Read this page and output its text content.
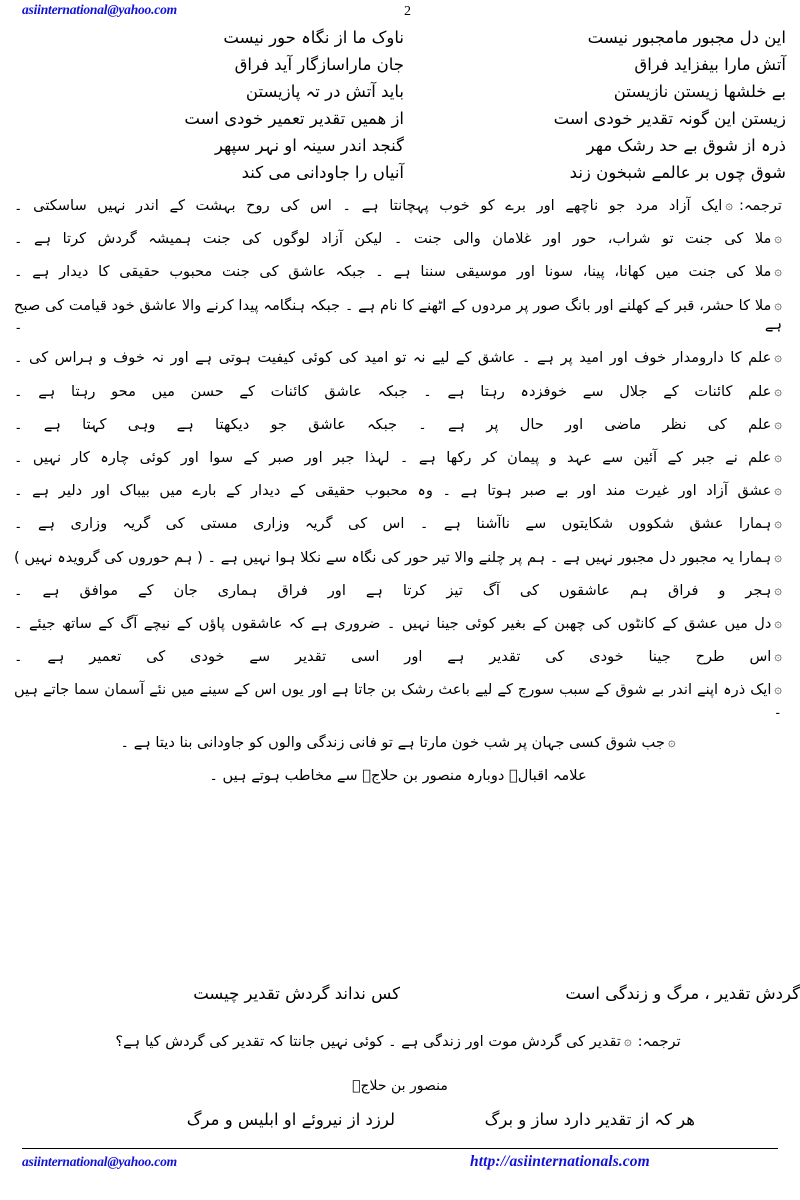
asiinternational@yahoo.com	2
این دل مجبور مامجبور نیست
ناوک ما از نگاہ حور نیست
آتش مارا بیفزاید فراق
جان ماراسازگار آید فراق
بے خلشها زیستن نازیستن
باید آتش در تہ پازیستن
زیستن این گونہ تقدیر خودی است
از همیں تقدیر تعمیر خودی است
ذرہ از شوق بے حد رشک مهر
گنجد اندر سینہ او نہر سپهر
شوق چوں بر عالمے شبخون زند
آنیاں را جاودانی می کند
ترجمہ:۞ایک آزاد مرد جو ناچھے اور برے کو خوب پہچانتا ہے ۔ اس کی روح بہشت کے اندر نہیں ساسکتی ۔
۞ملا کی جنت تو شراب، حور اور غلامان والی جنت ۔ لیکن آزاد لوگوں کی جنت ہمیشہ گردش کرتا ہے ۔
۞ملا کی جنت میں کھانا، پینا، سونا اور موسیقی سننا ہے ۔ جبکہ عاشق کی جنت محبوب حقیقی کا دیدار ہے ۔
۞ملا کا حشر، قبر کے کھلنے اور بانگ صور پر مردوں کے اٹھنے کا نام ہے ۔ جبکہ ہنگامہ پیدا کرنے والا عاشق خود قیامت کی صبح ہے ۔
۞علم کا دارومدار خوف اور امید پر ہے ۔ عاشق کے لیے نہ تو امید کی کوئی کیفیت ہوتی ہے اور نہ خوف و ہراس کی ۔
۞علم کائنات کے جلال سے خوفزدہ رہتا ہے ۔ جبکہ عاشق کائنات کے حسن میں محو رہتا ہے ۔
۞علم کی نظر ماضی اور حال پر ہے ۔ جبکہ عاشق جو دیکھتا ہے وہی کہتا ہے ۔
۞علم نے جبر کے آئین سے عہد و پیمان کر رکھا ہے ۔ لہذا جبر اور صبر کے سوا اور کوئی چارہ کار نہیں ۔
۞عشق آزاد اور غیرت مند اور بے صبر ہوتا ہے ۔ وہ محبوب حقیقی کے دیدار کے بارے میں بیباک اور دلیر ہے ۔
۞ہمارا عشق شکووں شکایتوں سے ناآشنا ہے ۔ اس کی گریہ وزاری مستی کی گریہ وزاری ہے ۔
۞ہمارا یہ مجبور دل مجبور نہیں ہے ۔ ہم پر چلنے والا تیر حور کی نگاہ سے نکلا ہوا نہیں ہے ۔ ( ہم حوروں کی گرویدہ نہیں )
۞ہجر و فراق ہم عاشقوں کی آگ تیز کرتا ہے اور فراق ہماری جان کے موافق ہے ۔
۞دل میں عشق کے کانٹوں کی چھبن کے بغیر کوئی جینا نہیں ۔ ضروری ہے کہ عاشقوں پاؤں کے نیچے آگ کے ساتھ جیئے ۔
۞اس طرح جینا خودی کی تقدیر ہے اور اسی تقدیر سے خودی کی تعمیر ہے ۔
۞ایک ذرہ اپنے اندر بے شوق کے سبب سورج کے لیے باعث رشک بن جاتا ہے اور یوں اس کے سینے میں نئے آسمان سما جاتے ہیں ۔
۞جب شوق کسی جہان پر شب خون مارتا ہے تو فانی زندگی والوں کو جاودانی بنا دیتا ہے ۔
علامہ اقبالؒ دوبارہ منصور بن حلاجؒ سے مخاطب ہوتے ہیں ۔
گردش تقدیر ، مرگ و زندگی است
کس نداند گردش تقدیر چیست
ترجمہ:۞تقدیر کی گردش موت اور زندگی ہے ۔ کوئی نہیں جانتا کہ تقدیر کی گردش کیا ہے؟
منصور بن حلاجؒ
هر کہ از تقدیر دارد ساز و برگ
لرزد از نیروئے او ابلیس و مرگ
asiinternational@yahoo.com	http://asiinternationals.com
